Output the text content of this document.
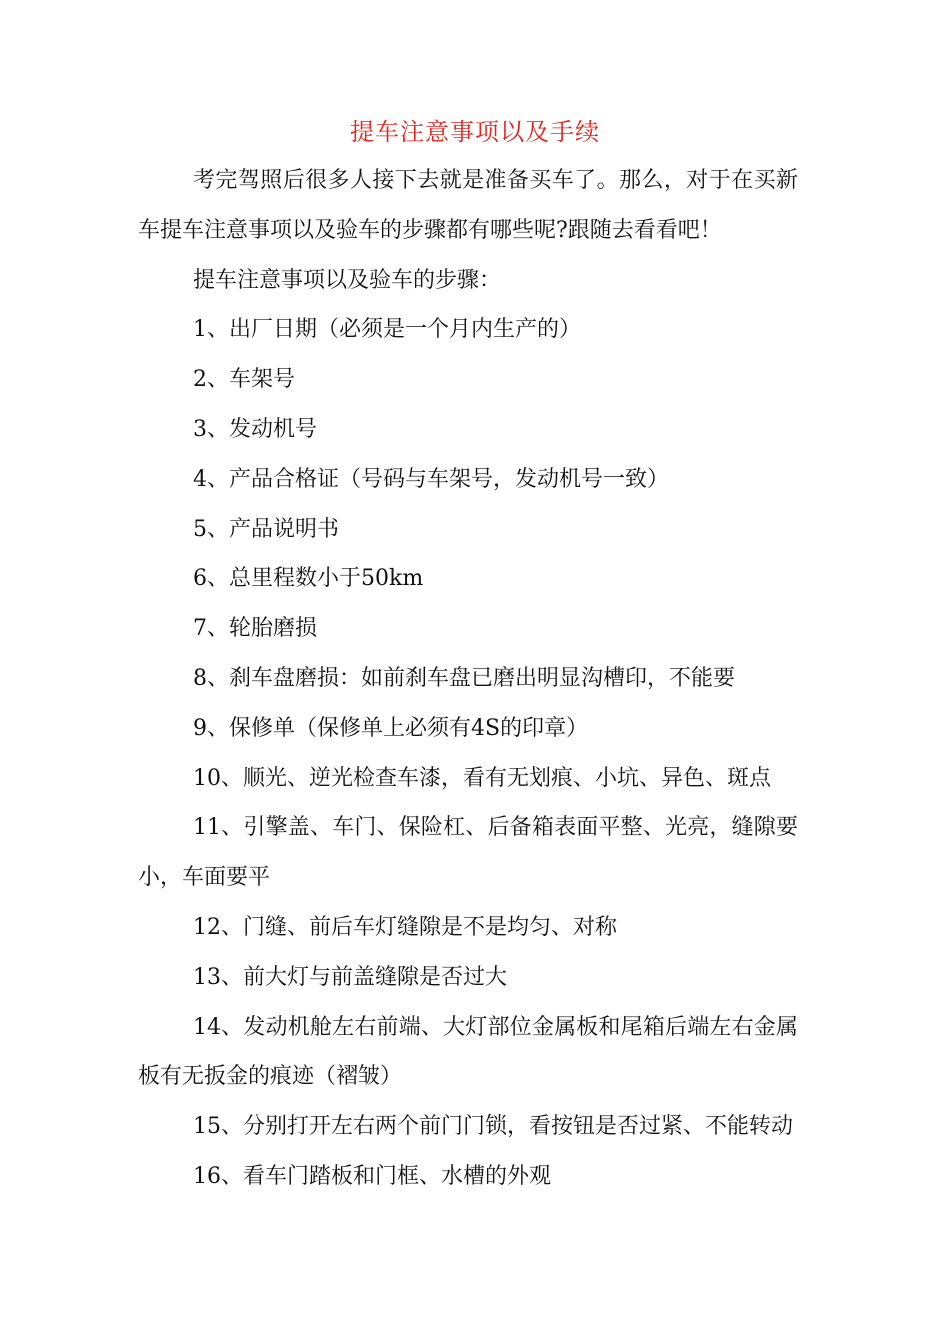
提车注意事项以及手续

考完驾照后很多人接下去就是准备买车了。那么，对于在买新车提车注意事项以及验车的步骤都有哪些呢?跟随去看看吧！

提车注意事项以及验车的步骤：

1、出厂日期（必须是一个月内生产的）

2、车架号

3、发动机号

4、产品合格证（号码与车架号，发动机号一致）

5、产品说明书

6、总里程数小于50km

7、轮胎磨损

8、刹车盘磨损：如前刹车盘已磨出明显沟槽印，不能要

9、保修单（保修单上必须有4S的印章）

10、顺光、逆光检查车漆，看有无划痕、小坑、异色、斑点

11、引擎盖、车门、保险杠、后备箱表面平整、光亮，缝隙要小，车面要平

12、门缝、前后车灯缝隙是不是均匀、对称

13、前大灯与前盖缝隙是否过大

14、发动机舱左右前端、大灯部位金属板和尾箱后端左右金属板有无扳金的痕迹（褶皱）

15、分别打开左右两个前门门锁，看按钮是否过紧、不能转动

16、看车门踏板和门框、水槽的外观
